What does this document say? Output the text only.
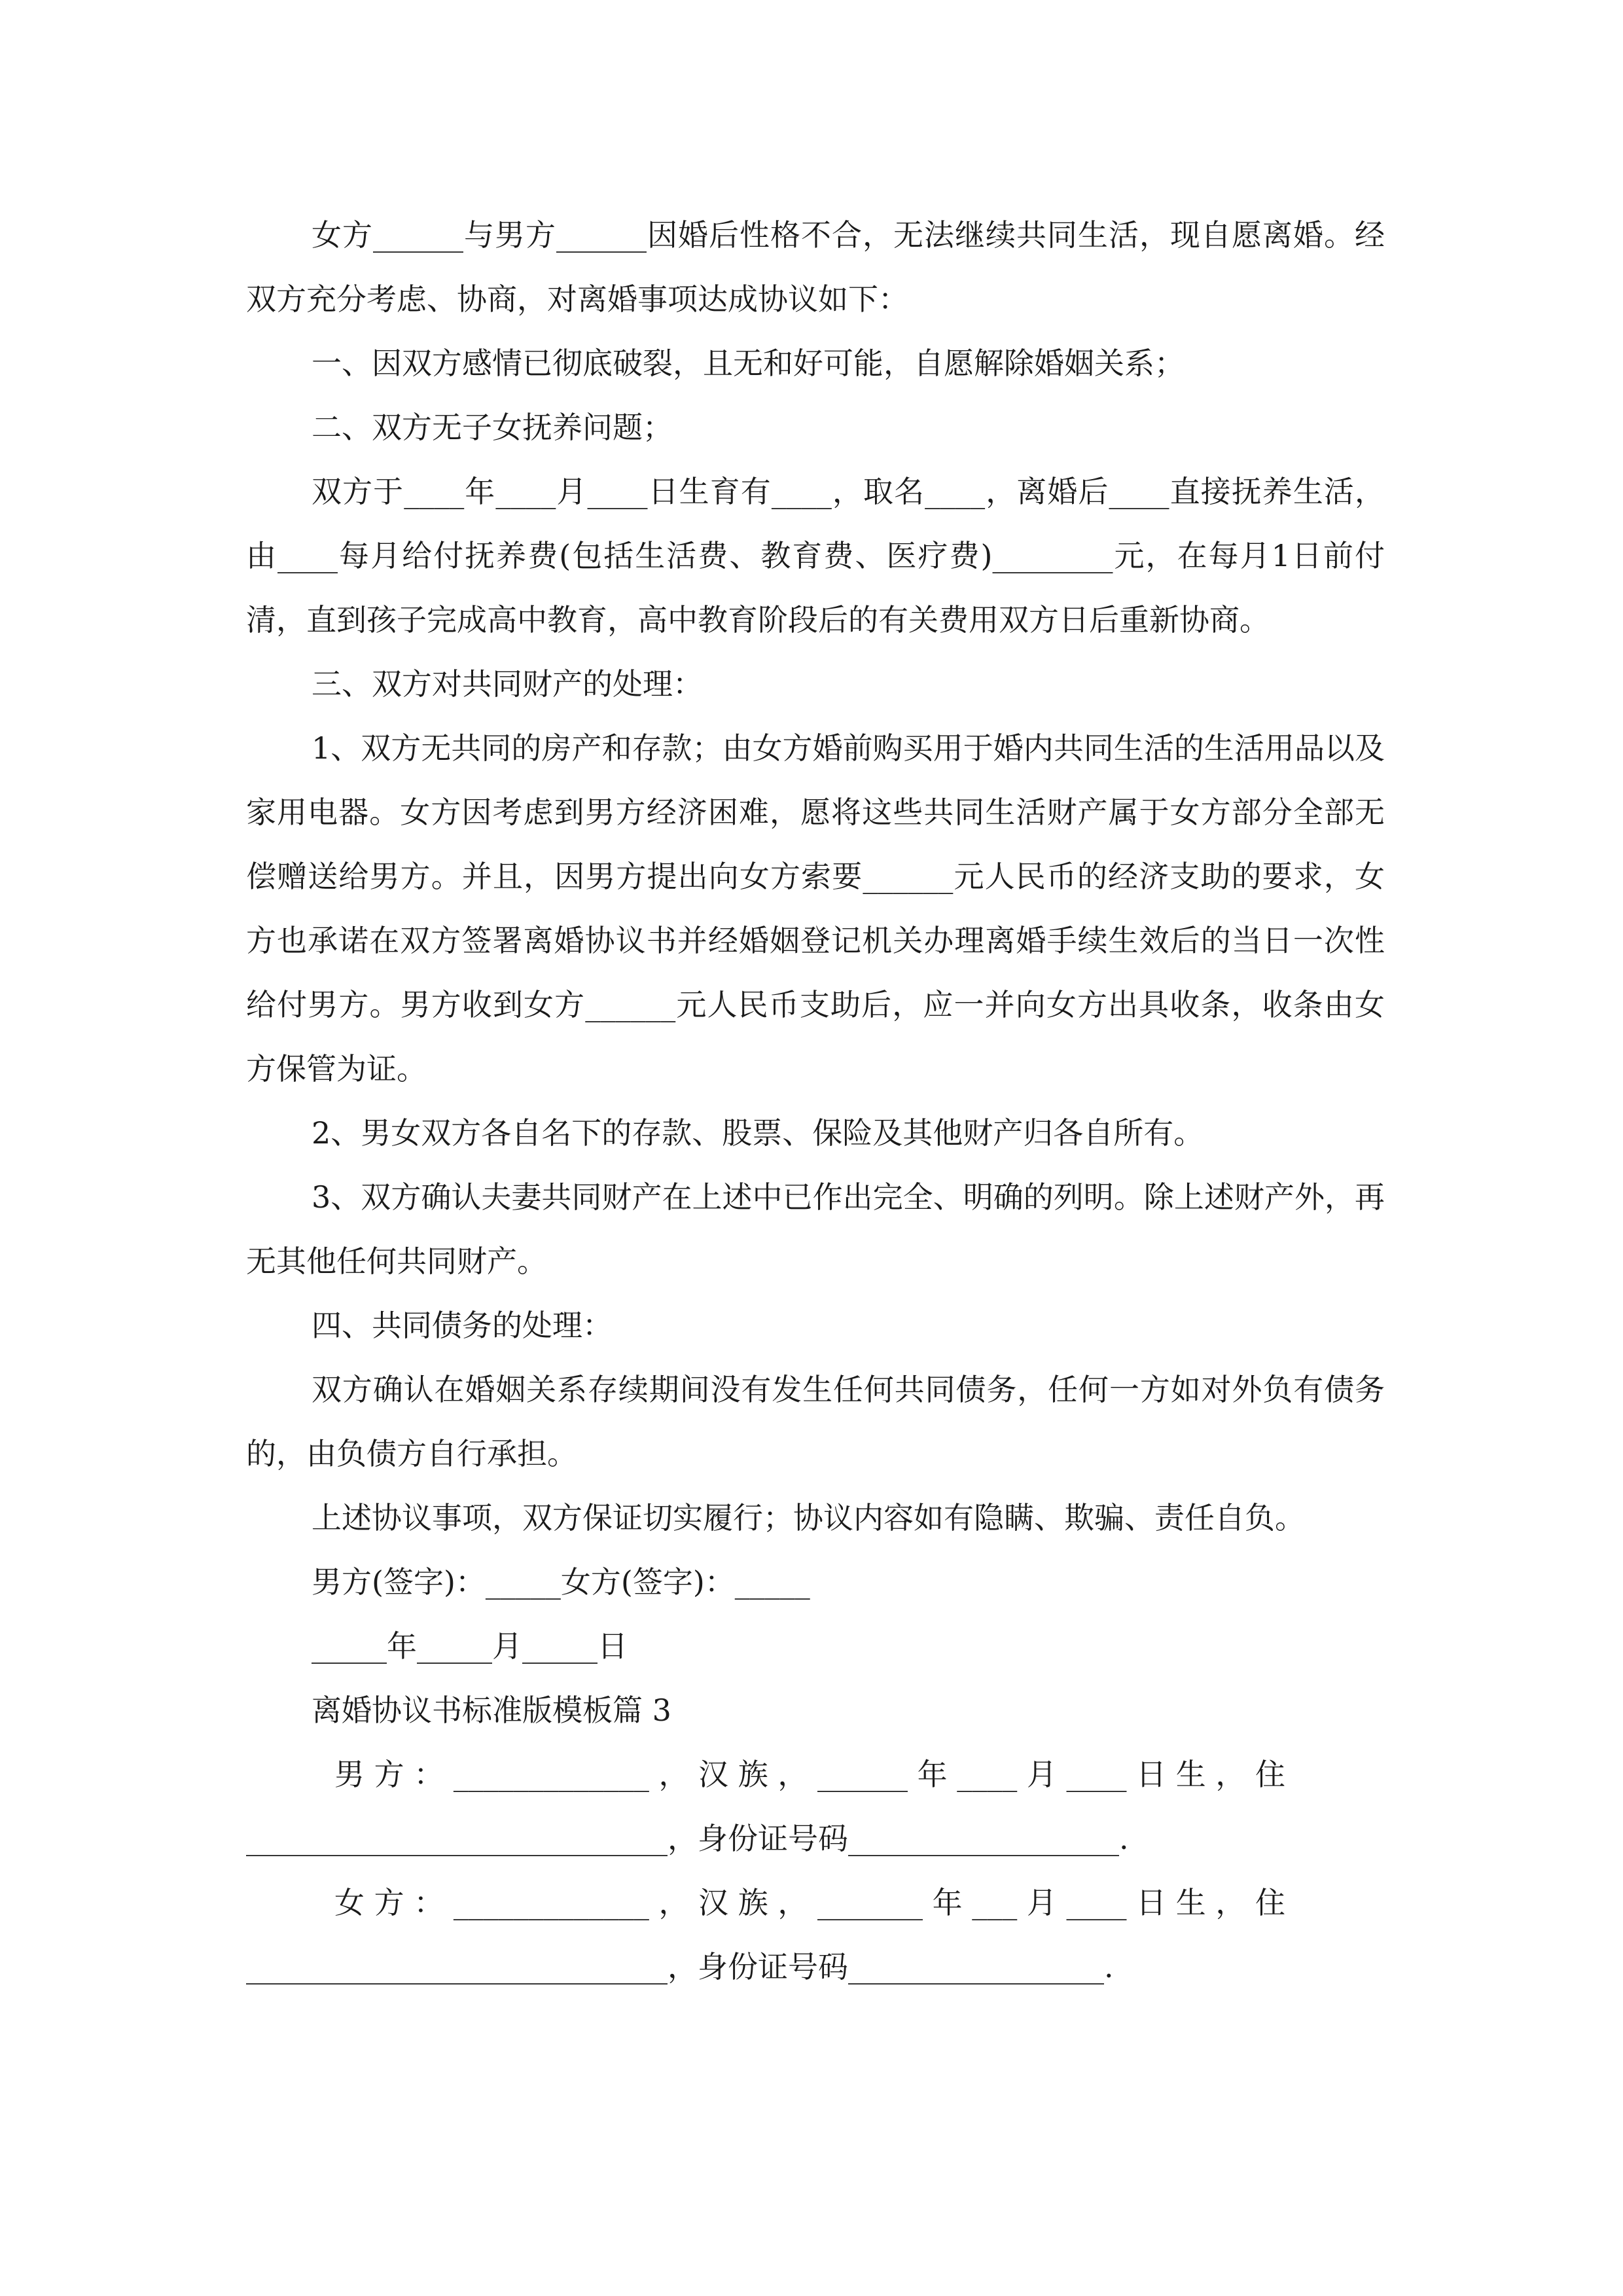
女方______与男方______因婚后性格不合，无法继续共同生活，现自愿离婚。经双方充分考虑、协商，对离婚事项达成协议如下：

一、因双方感情已彻底破裂，且无和好可能，自愿解除婚姻关系；

二、双方无子女抚养问题；

双方于____年____月____日生育有____，取名____，离婚后____直接抚养生活，由____每月给付抚养费(包括生活费、教育费、医疗费)________元，在每月1日前付清，直到孩子完成高中教育，高中教育阶段后的有关费用双方日后重新协商。

三、双方对共同财产的处理：

1、双方无共同的房产和存款；由女方婚前购买用于婚内共同生活的生活用品以及家用电器。女方因考虑到男方经济困难，愿将这些共同生活财产属于女方部分全部无偿赠送给男方。并且，因男方提出向女方索要______元人民币的经济支助的要求，女方也承诺在双方签署离婚协议书并经婚姻登记机关办理离婚手续生效后的当日一次性给付男方。男方收到女方______元人民币支助后，应一并向女方出具收条，收条由女方保管为证。

2、男女双方各自名下的存款、股票、保险及其他财产归各自所有。

3、双方确认夫妻共同财产在上述中已作出完全、明确的列明。除上述财产外，再无其他任何共同财产。

四、共同债务的处理：

双方确认在婚姻关系存续期间没有发生任何共同债务，任何一方如对外负有债务的，由负债方自行承担。

上述协议事项，双方保证切实履行；协议内容如有隐瞒、欺骗、责任自负。

男方(签字)：_____女方(签字)：_____

_____年_____月_____日

离婚协议书标准版模板篇 3

男 方 ： _____________ ， 汉 族 ， ______ 年 ____ 月 ____ 日 生 ， 住

____________________________，身份证号码__________________.

女 方 ： _____________ ， 汉 族 ， _______ 年 ___ 月 ____ 日 生 ， 住

____________________________，身份证号码_________________.
